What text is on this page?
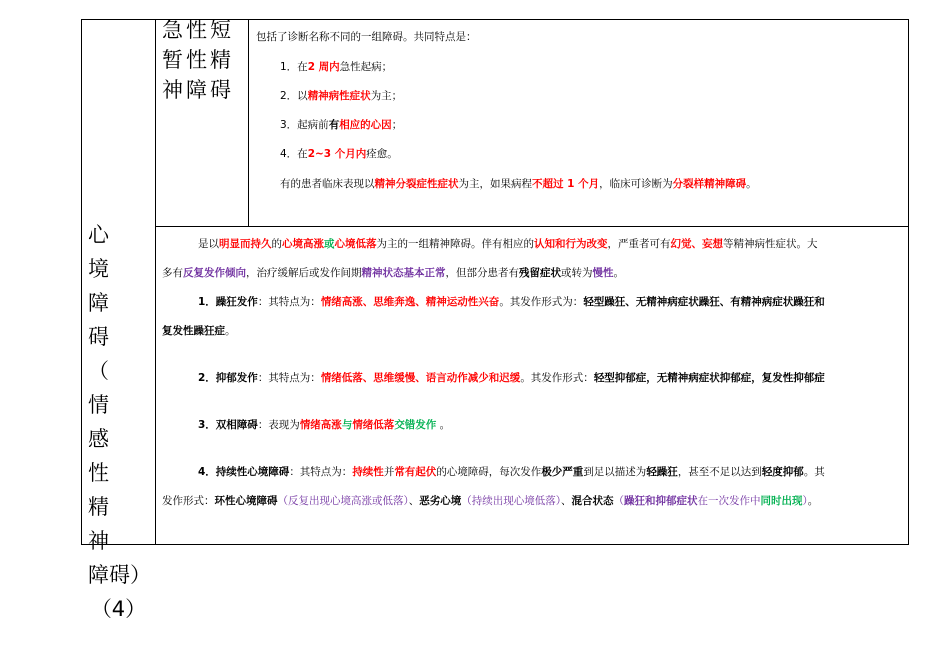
急性短
暂性精
神障碍
包括了诊断名称不同的一组障碍。共同特点是：
1．在2 周内急性起病；
2．以精神病性症状为主；
3．起病前有相应的心因；
4．在2~3 个月内痊愈。
有的患者临床表现以精神分裂症性症状为主，如果病程不超过 1 个月，临床可诊断为分裂样精神障碍。
心　境
障　碍
（　情
感　性
精　神
障碍）
（4）
是以明显而持久的心境高涨或心境低落为主的一组精神障碍。伴有相应的认知和行为改变，严重者可有幻觉、妄想等精神病性症状。大
多有反复发作倾向，治疗缓解后或发作间期精神状态基本正常，但部分患者有残留症状或转为慢性。
1．躁狂发作：其特点为：情绪高涨、思维奔逸、精神运动性兴奋。其发作形式为：轻型躁狂、无精神病症状躁狂、有精神病症状躁狂和
复发性躁狂症。
2．抑郁发作：其特点为：情绪低落、思维缓慢、语言动作减少和迟缓。其发作形式：轻型抑郁症，无精神病症状抑郁症，复发性抑郁症
3．双相障碍：表现为情绪高涨与情绪低落交错发作 。
4．持续性心境障碍：其特点为：持续性并常有起伏的心境障碍，每次发作极少严重到足以描述为轻躁狂，甚至不足以达到轻度抑郁。其
发作形式：环性心境障碍（反复出现心境高涨或低落）、恶劣心境（持续出现心境低落）、混合状态（躁狂和抑郁症状在一次发作中同时出现）。
